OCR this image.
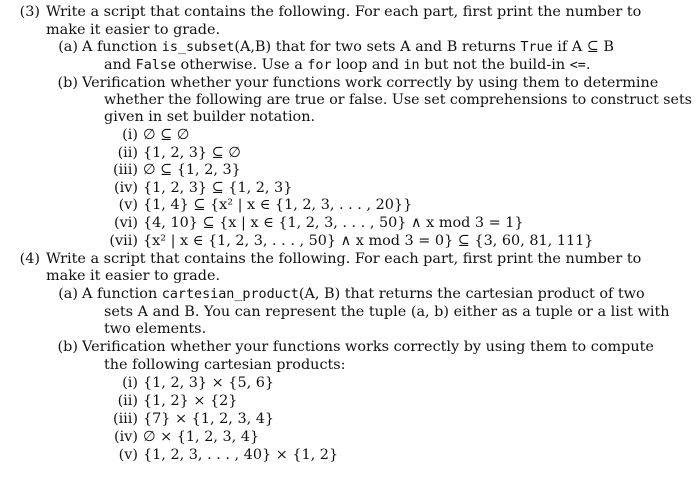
(3) Write a script that contains the following. For each part, first print the number to
make it easier to grade.
(a) A function is_subset(A,B) that for two sets A and B returns True if A ⊆ B
and False otherwise. Use a for loop and in but not the build-in <=.
(b) Verification whether your functions work correctly by using them to determine
whether the following are true or false. Use set comprehensions to construct sets
given in set builder notation.
(i) ∅ ⊆ ∅
(ii) {1, 2, 3} ⊆ ∅
(iii) ∅ ⊆ {1, 2, 3}
(iv) {1, 2, 3} ⊆ {1, 2, 3}
(v) {1, 4} ⊆ {x² | x ∈ {1, 2, 3, . . . , 20}}
(vi) {4, 10} ⊆ {x | x ∈ {1, 2, 3, . . . , 50} ∧ x mod 3 = 1}
(vii) {x² | x ∈ {1, 2, 3, . . . , 50} ∧ x mod 3 = 0} ⊆ {3, 60, 81, 111}
(4) Write a script that contains the following. For each part, first print the number to
make it easier to grade.
(a) A function cartesian_product(A, B) that returns the cartesian product of two
sets A and B. You can represent the tuple (a, b) either as a tuple or a list with
two elements.
(b) Verification whether your functions works correctly by using them to compute
the following cartesian products:
(i) {1, 2, 3} × {5, 6}
(ii) {1, 2} × {2}
(iii) {7} × {1, 2, 3, 4}
(iv) ∅ × {1, 2, 3, 4}
(v) {1, 2, 3, . . . , 40} × {1, 2}
